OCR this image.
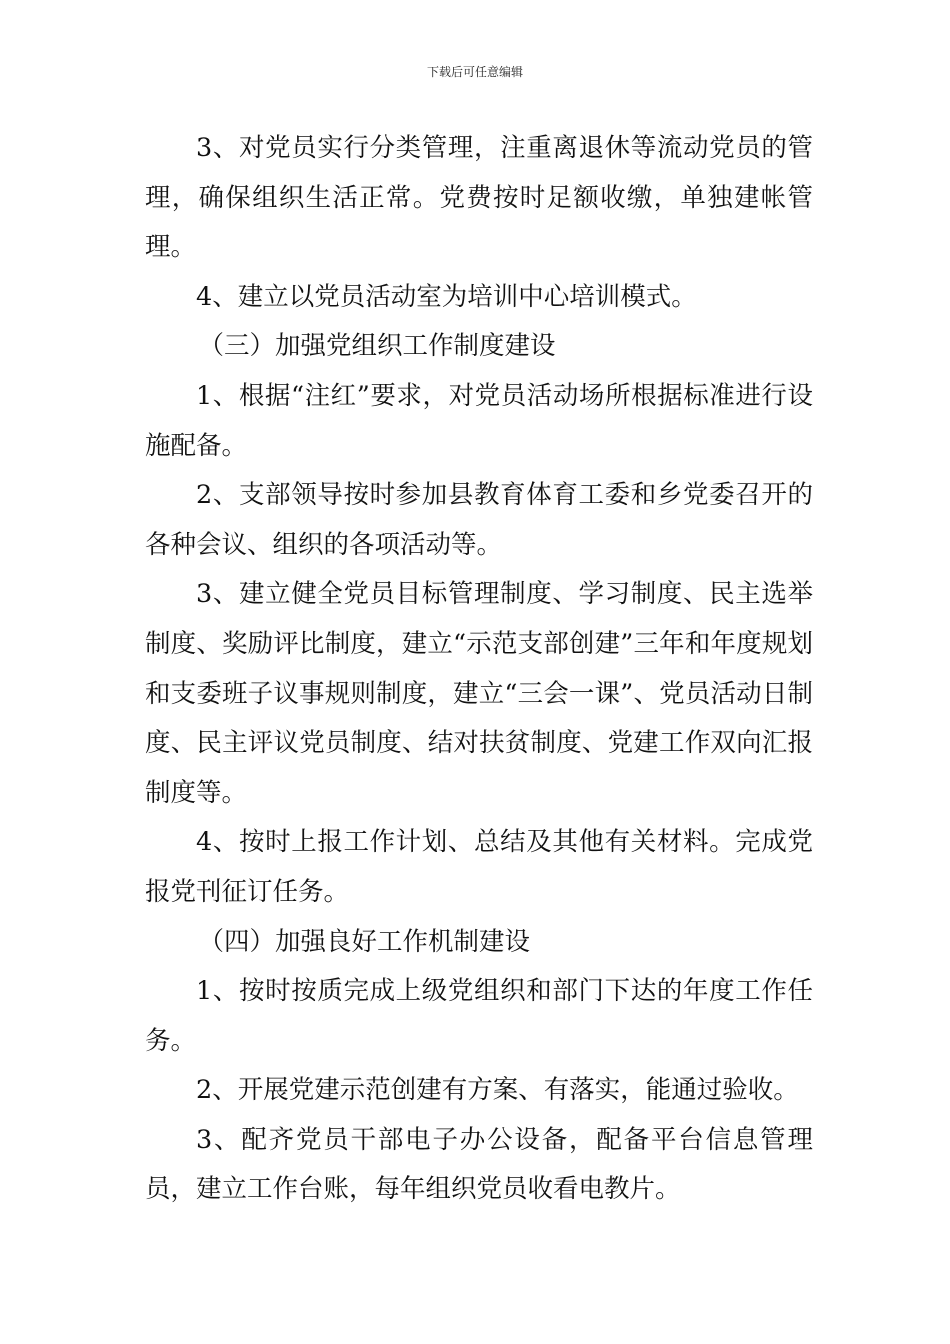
下载后可任意编辑

3、对党员实行分类管理，注重离退休等流动党员的管理，确保组织生活正常。党费按时足额收缴，单独建帐管理。

4、建立以党员活动室为培训中心培训模式。

（三）加强党组织工作制度建设

1、根据“注红”要求，对党员活动场所根据标准进行设施配备。

2、支部领导按时参加县教育体育工委和乡党委召开的各种会议、组织的各项活动等。

3、建立健全党员目标管理制度、学习制度、民主选举制度、奖励评比制度，建立“示范支部创建”三年和年度规划和支委班子议事规则制度，建立“三会一课”、党员活动日制度、民主评议党员制度、结对扶贫制度、党建工作双向汇报制度等。

4、按时上报工作计划、总结及其他有关材料。完成党报党刊征订任务。

（四）加强良好工作机制建设

1、按时按质完成上级党组织和部门下达的年度工作任务。

2、开展党建示范创建有方案、有落实，能通过验收。

3、配齐党员干部电子办公设备，配备平台信息管理员，建立工作台账，每年组织党员收看电教片。
